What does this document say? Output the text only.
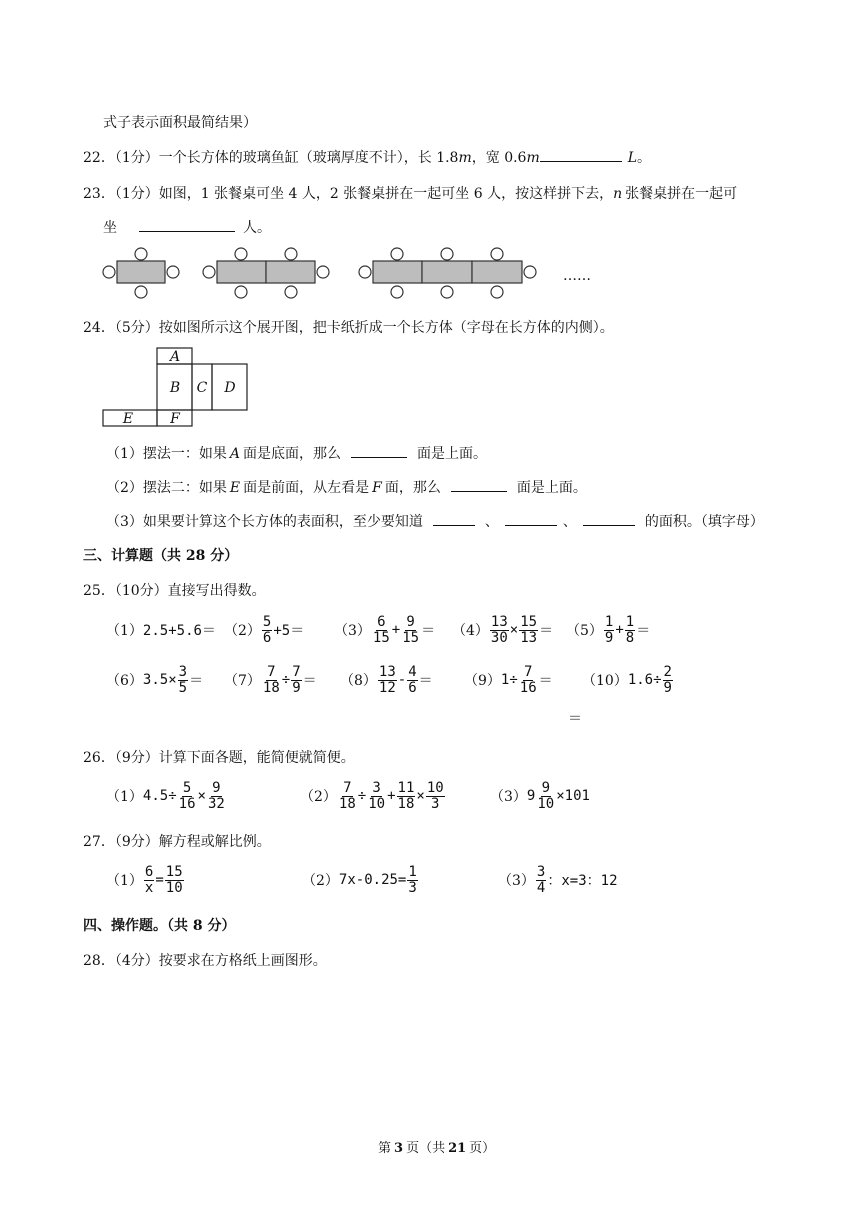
式子表示面积最简结果）
22．（1分）一个长方体的玻璃鱼缸（玻璃厚度不计），长 1.8m，宽 0.6m	L。
23．（1分）如图，1 张餐桌可坐 4 人，2 张餐桌拼在一起可坐 6 人，按这样拼下去，n 张餐桌拼在一起可
坐	人。
……
24．（5分）按如图所示这个展开图，把卡纸折成一个长方体（字母在长方体的内侧）。
A
B C D
E	F
（1）摆法一：如果 A 面是底面，那么	面是上面。
（2）摆法二：如果 E 面是前面，从左看是 F 面，那么	面是上面。
（3）如果要计算这个长方体的表面积，至少要知道	、	、	的面积。（填字母）
三、计算题（共 28 分）
25．（10分）直接写出得数。
（1） $2.5+5.6= (2) \frac{5}{6} +5= (3) \frac{6}{15} + \frac{9}{15} = (4) \frac{13}{30} \times \frac{15}{13} = (5) \frac{1}{9} + \frac{1}{8}$ ＝
（6） $3.5\times \frac{3}{5} = (7) \frac{7}{18} \div \frac{7}{9} = (8) \frac{13}{12} - \frac{4}{6} = (9)$ $1\div \frac{7}{16} = (10)$ $1.6\div \frac{2}{9}$
＝
26．（9分）计算下面各题，能简便就简便。
（1） $4.5\div \frac{5}{16} \times \frac{9}{32}$	$(2) \frac{7}{18} \div \frac{3}{10} + \frac{11}{18} \times \frac{10}{3}$	（3） $9 \frac{9}{10} \times 101$
27．（9分）解方程或解比例。
$(1) \frac{6}{x} = \frac{15}{10}$	（2） $7x-0.25= \frac{1}{3}$	$(3) \frac{3}{4}$ ：x=3：12
四、操作题。（共 8 分）
28．（4分）按要求在方格纸上画图形。
第 3 页（共 21 页）
